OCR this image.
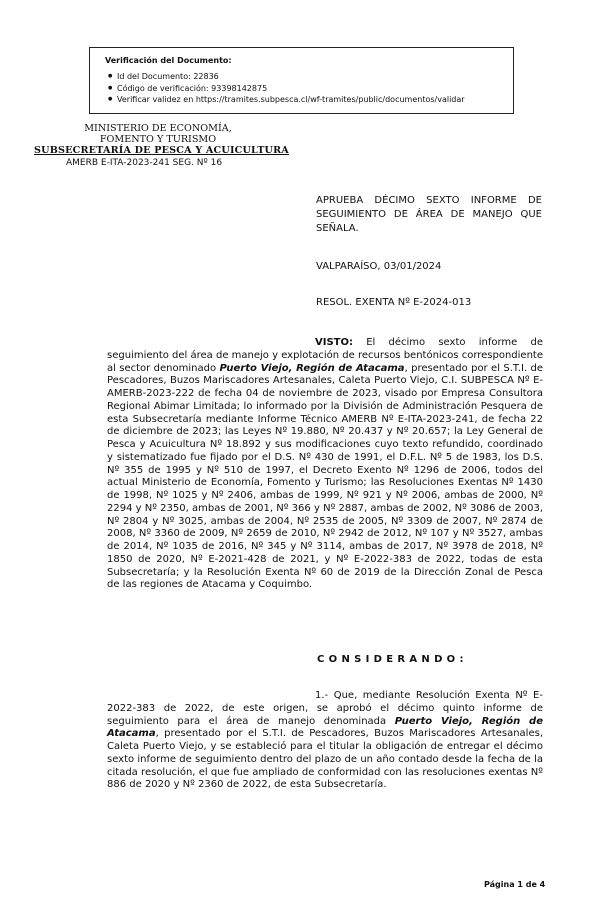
Verificación del Documento:
● Id del Documento: 22836
● Código de verificación: 93398142875
● Verificar validez en https://tramites.subpesca.cl/wf-tramites/public/documentos/validar
MINISTERIO DE ECONOMÍA,
FOMENTO Y TURISMO
SUBSECRETARÍA DE PESCA Y ACUICULTURA
AMERB E-ITA-2023-241 SEG. Nº 16
APRUEBA DÉCIMO SEXTO INFORME DE SEGUIMIENTO DE ÁREA DE MANEJO QUE SEÑALA.
VALPARAÍSO, 03/01/2024
RESOL. EXENTA Nº E-2024-013
VISTO: El décimo sexto informe de seguimiento del área de manejo y explotación de recursos bentónicos correspondiente al sector denominado Puerto Viejo, Región de Atacama, presentado por el S.T.I. de Pescadores, Buzos Mariscadores Artesanales, Caleta Puerto Viejo, C.I. SUBPESCA Nº E-AMERB-2023-222 de fecha 04 de noviembre de 2023, visado por Empresa Consultora Regional Abimar Limitada; lo informado por la División de Administración Pesquera de esta Subsecretaría mediante Informe Técnico AMERB Nº E-ITA-2023-241, de fecha 22 de diciembre de 2023; las Leyes Nº 19.880, Nº 20.437 y Nº 20.657; la Ley General de Pesca y Acuicultura Nº 18.892 y sus modificaciones cuyo texto refundido, coordinado y sistematizado fue fijado por el D.S. Nº 430 de 1991, el D.F.L. Nº 5 de 1983, los D.S. Nº 355 de 1995 y Nº 510 de 1997, el Decreto Exento Nº 1296 de 2006, todos del actual Ministerio de Economía, Fomento y Turismo; las Resoluciones Exentas Nº 1430 de 1998, Nº 1025 y Nº 2406, ambas de 1999, Nº 921 y Nº 2006, ambas de 2000, Nº 2294 y Nº 2350, ambas de 2001, Nº 366 y Nº 2887, ambas de 2002, Nº 3086 de 2003, Nº 2804 y Nº 3025, ambas de 2004, Nº 2535 de 2005, Nº 3309 de 2007, Nº 2874 de 2008, Nº 3360 de 2009, Nº 2659 de 2010, Nº 2942 de 2012, Nº 107 y Nº 3527, ambas de 2014, Nº 1035 de 2016, Nº 345 y Nº 3114, ambas de 2017, Nº 3978 de 2018, Nº 1850 de 2020, Nº E-2021-428 de 2021, y Nº E-2022-383 de 2022, todas de esta Subsecretaría; y la Resolución Exenta Nº 60 de 2019 de la Dirección Zonal de Pesca de las regiones de Atacama y Coquimbo.
CONSIDERANDO:
1.- Que, mediante Resolución Exenta Nº E-2022-383 de 2022, de este origen, se aprobó el décimo quinto informe de seguimiento para el área de manejo denominada Puerto Viejo, Región de Atacama, presentado por el S.T.I. de Pescadores, Buzos Mariscadores Artesanales, Caleta Puerto Viejo, y se estableció para el titular la obligación de entregar el décimo sexto informe de seguimiento dentro del plazo de un año contado desde la fecha de la citada resolución, el que fue ampliado de conformidad con las resoluciones exentas Nº 886 de 2020 y Nº 2360 de 2022, de esta Subsecretaría.
Página 1 de 4
